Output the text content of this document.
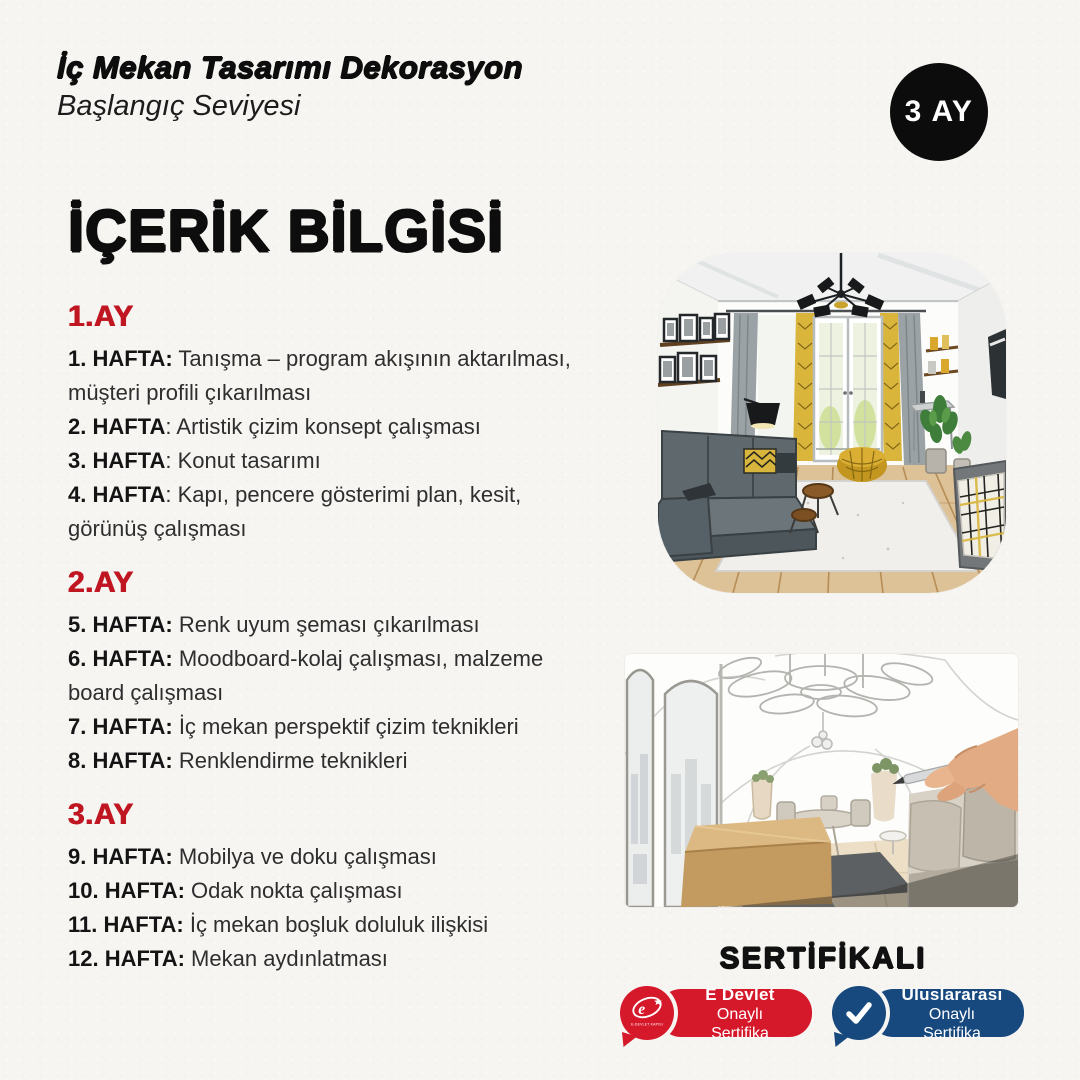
İç Mekan Tasarımı Dekorasyon
Başlangıç Seviyesi	3 AY
İÇERİK BİLGİSİ
1.AY

1. HAFTA: Tanışma – program akışının aktarılması, müşteri profili çıkarılması

2. HAFTA: Artistik çizim konsept çalışması

3. HAFTA: Konut tasarımı

4. HAFTA: Kapı, pencere gösterimi plan, kesit, görünüş çalışması

2.AY

5. HAFTA: Renk uyum şeması çıkarılması

6. HAFTA: Moodboard-kolaj çalışması, malzeme board çalışması

7. HAFTA: İç mekan perspektif çizim teknikleri

8. HAFTA: Renklendirme teknikleri

3.AY

9. HAFTA: Mobilya ve doku çalışması

10. HAFTA: Odak nokta çalışması

11. HAFTA: İç mekan boşluk doluluk ilişkisi

12. HAFTA: Mekan aydınlatması	SERTİFİKALI
e
E-DEVLET KAPISI
E Devlet
Onaylı Sertifika
Uluslararası
Onaylı Sertifika
